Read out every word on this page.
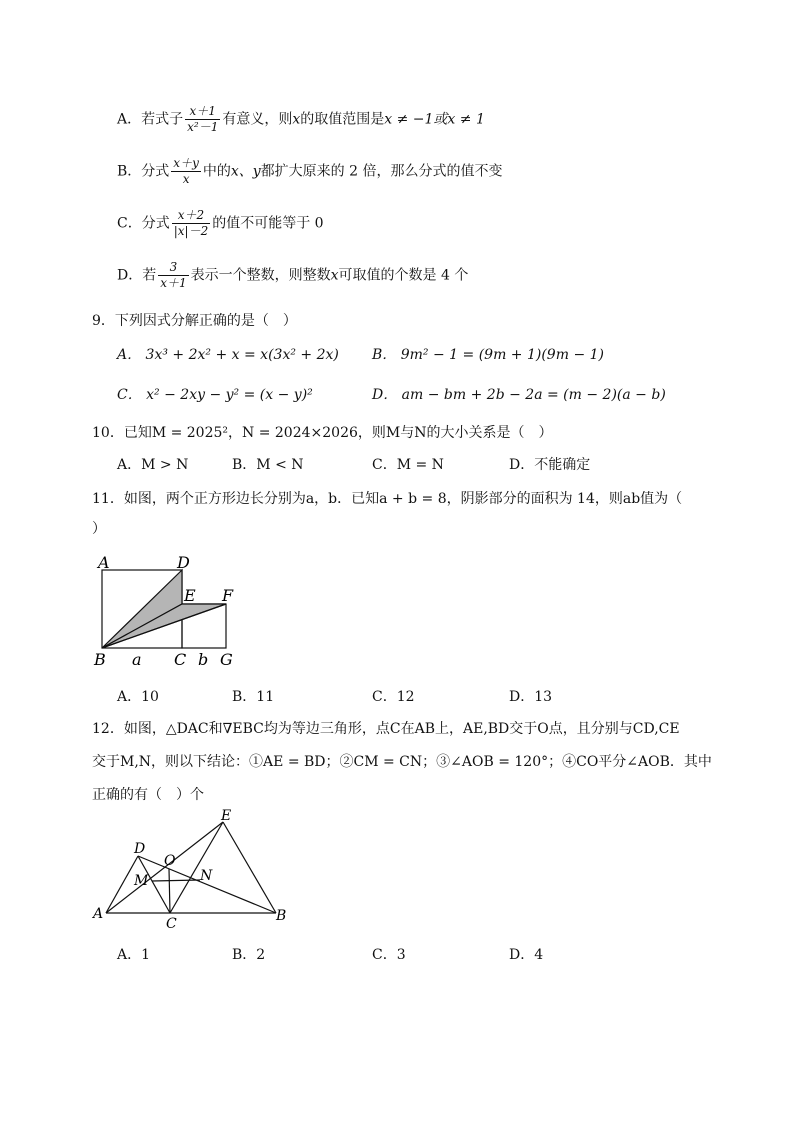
A．若式子 $\frac{x+1}{\text{x²－1}}$ 有意义，则x的取值范围是x ≠ −1或x ≠ 1
B．分式 $\frac{x+y}{x}$ 中的x、y都扩大原来的 2 倍，那么分式的值不变
C．分式 $\frac{x+2}{|x|-2}$ 的值不可能等于 0
D．若 $\frac{3}{x+1}$ 表示一个整数，则整数x可取值的个数是 4 个
9．下列因式分解正确的是（　）
A． 3x³ + 2x² + x = x(3x² + 2x) B． 9m² − 1 = (9m + 1)(9m − 1)
C． x² − 2xy − y² = (x − y)²	D． am − bm + 2b − 2a = (m − 2)(a − b)
10．已知M = 2025²，N = 2024×2026，则M与N的大小关系是（　）
A．M > N	B．M < N	C．M = N	D．不能确定
11．如图，两个正方形边长分别为a，b．已知a + b = 8，阴影部分的面积为 14，则ab值为（
）
A	D
E F
B a C b G
A．10	B．11	C．12	D．13
12．如图，△DAC和∇EBC均为等边三角形，点C在AB上，AE,BD交于O点，且分别与CD,CE
交于M,N，则以下结论：①AE = BD；②CM = CN；③∠AOB = 120°；④CO平分∠AOB．其中
正确的有（　）个
D
O
E
M	N
A
C	B
A．1	B．2	C．3	D．4
